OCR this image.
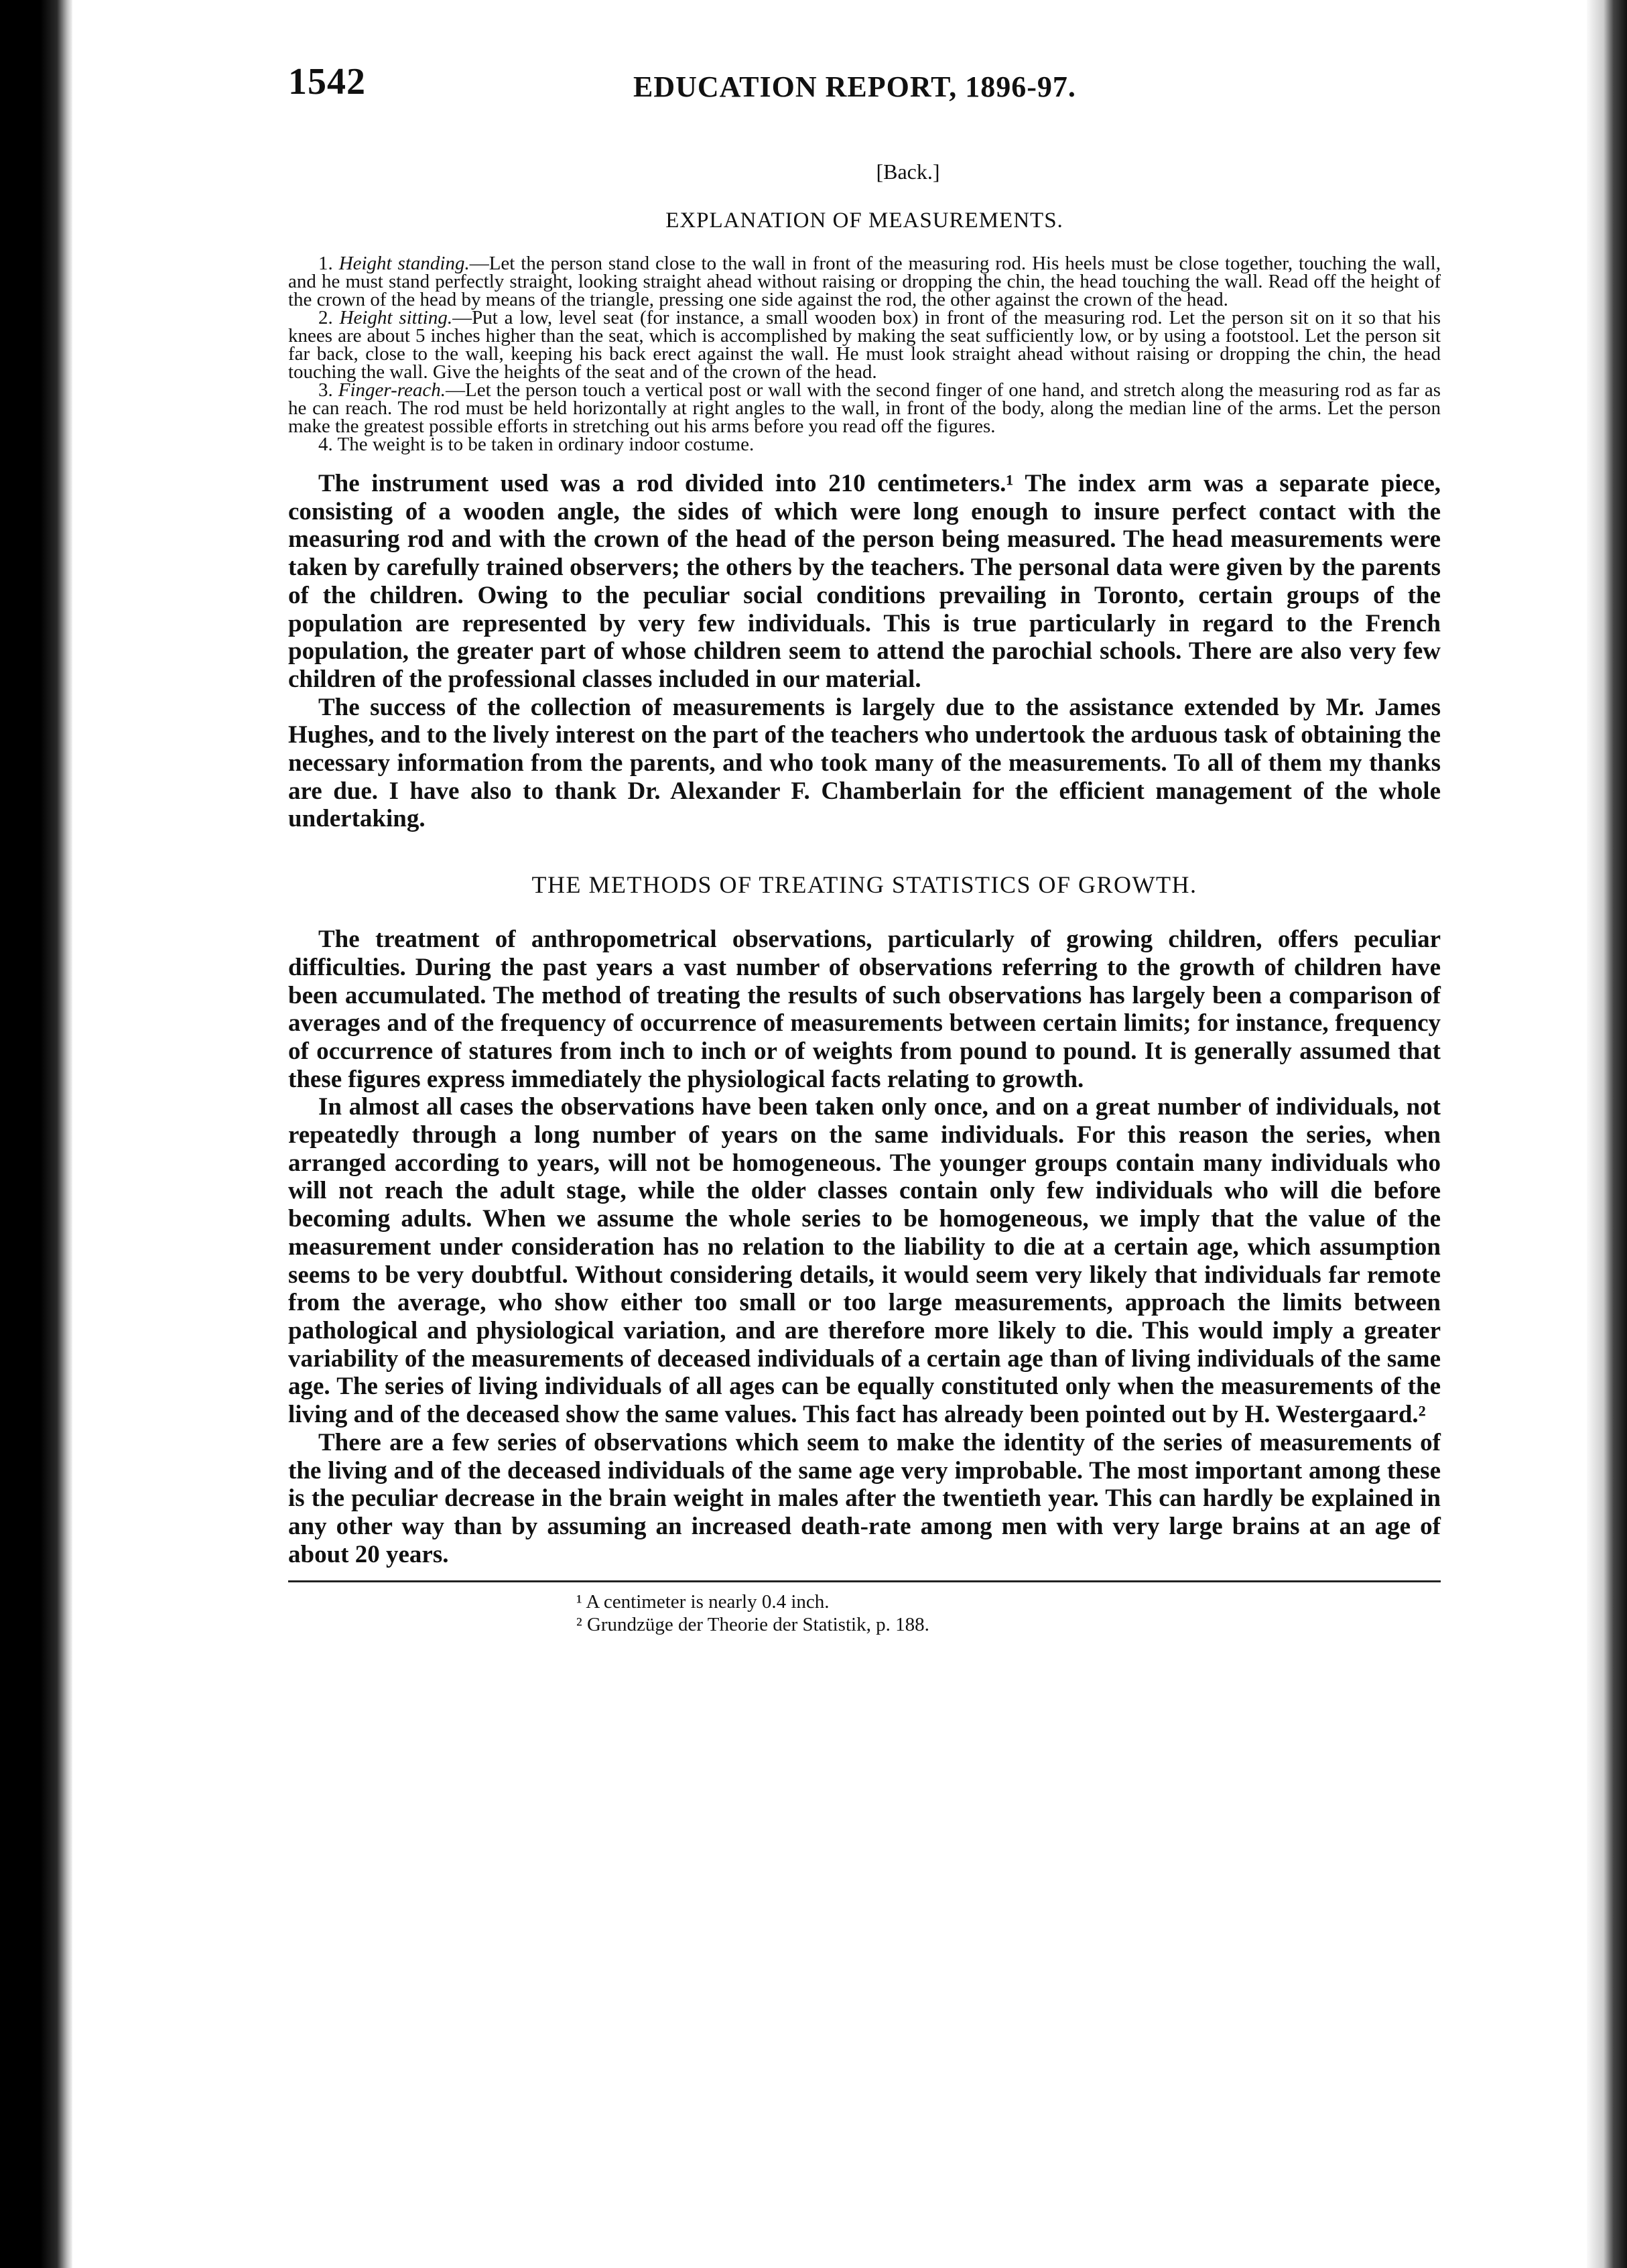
1542	EDUCATION REPORT, 1896-97.
[Back.]
EXPLANATION OF MEASUREMENTS.

1. Height standing.—Let the person stand close to the wall in front of the measuring rod. His heels must be close together, touching the wall, and he must stand perfectly straight, looking straight ahead without raising or dropping the chin, the head touching the wall. Read off the height of the crown of the head by means of the triangle, pressing one side against the rod, the other against the crown of the head.

2. Height sitting.—Put a low, level seat (for instance, a small wooden box) in front of the measuring rod. Let the person sit on it so that his knees are about 5 inches higher than the seat, which is accomplished by making the seat sufficiently low, or by using a footstool. Let the person sit far back, close to the wall, keeping his back erect against the wall. He must look straight ahead without raising or dropping the chin, the head touching the wall. Give the heights of the seat and of the crown of the head.

3. Finger-reach.—Let the person touch a vertical post or wall with the second finger of one hand, and stretch along the measuring rod as far as he can reach. The rod must be held horizontally at right angles to the wall, in front of the body, along the median line of the arms. Let the person make the greatest possible efforts in stretching out his arms before you read off the figures.

4. The weight is to be taken in ordinary indoor costume.

The instrument used was a rod divided into 210 centimeters.¹ The index arm was a separate piece, consisting of a wooden angle, the sides of which were long enough to insure perfect contact with the measuring rod and with the crown of the head of the person being measured. The head measurements were taken by carefully trained observers; the others by the teachers. The personal data were given by the parents of the children. Owing to the peculiar social conditions prevailing in Toronto, certain groups of the population are represented by very few individuals. This is true particularly in regard to the French population, the greater part of whose children seem to attend the parochial schools. There are also very few children of the professional classes included in our material.

The success of the collection of measurements is largely due to the assistance extended by Mr. James Hughes, and to the lively interest on the part of the teachers who undertook the arduous task of obtaining the necessary information from the parents, and who took many of the measurements. To all of them my thanks are due. I have also to thank Dr. Alexander F. Chamberlain for the efficient management of the whole undertaking.

THE METHODS OF TREATING STATISTICS OF GROWTH.

The treatment of anthropometrical observations, particularly of growing children, offers peculiar difficulties. During the past years a vast number of observations referring to the growth of children have been accumulated. The method of treating the results of such observations has largely been a comparison of averages and of the frequency of occurrence of measurements between certain limits; for instance, frequency of occurrence of statures from inch to inch or of weights from pound to pound. It is generally assumed that these figures express immediately the physiological facts relating to growth.

In almost all cases the observations have been taken only once, and on a great number of individuals, not repeatedly through a long number of years on the same individuals. For this reason the series, when arranged according to years, will not be homogeneous. The younger groups contain many individuals who will not reach the adult stage, while the older classes contain only few individuals who will die before becoming adults. When we assume the whole series to be homogeneous, we imply that the value of the measurement under consideration has no relation to the liability to die at a certain age, which assumption seems to be very doubtful. Without considering details, it would seem very likely that individuals far remote from the average, who show either too small or too large measurements, approach the limits between pathological and physiological variation, and are therefore more likely to die. This would imply a greater variability of the measurements of deceased individuals of a certain age than of living individuals of the same age. The series of living individuals of all ages can be equally constituted only when the measurements of the living and of the deceased show the same values. This fact has already been pointed out by H. Westergaard.²

There are a few series of observations which seem to make the identity of the series of measurements of the living and of the deceased individuals of the same age very improbable. The most important among these is the peculiar decrease in the brain weight in males after the twentieth year. This can hardly be explained in any other way than by assuming an increased death-rate among men with very large brains at an age of about 20 years.

¹ A centimeter is nearly 0.4 inch.
² Grundzüge der Theorie der Statistik, p. 188.
